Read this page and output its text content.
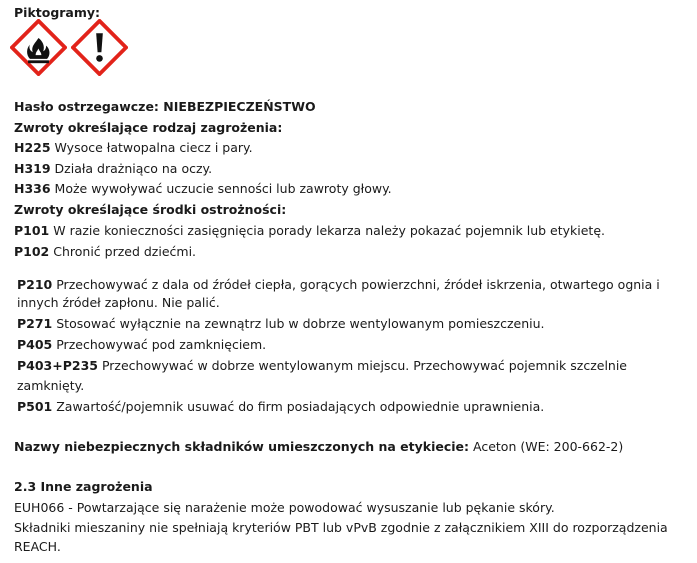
Piktogramy:
Hasło ostrzegawcze: NIEBEZPIECZEŃSTWO
Zwroty określające rodzaj zagrożenia:
H225 Wysoce łatwopalna ciecz i pary.
H319 Działa drażniąco na oczy.
H336 Może wywoływać uczucie senności lub zawroty głowy.
Zwroty określające środki ostrożności:
P101 W razie konieczności zasięgnięcia porady lekarza należy pokazać pojemnik lub etykietę.
P102 Chronić przed dziećmi.
P210 Przechowywać z dala od źródeł ciepła, gorących powierzchni, źródeł iskrzenia, otwartego ognia i
innych źródeł zapłonu. Nie palić.
P271 Stosować wyłącznie na zewnątrz lub w dobrze wentylowanym pomieszczeniu.
P405 Przechowywać pod zamknięciem.
P403+P235 Przechowywać w dobrze wentylowanym miejscu. Przechowywać pojemnik szczelnie
zamknięty.
P501 Zawartość/pojemnik usuwać do firm posiadających odpowiednie uprawnienia.
Nazwy niebezpiecznych składników umieszczonych na etykiecie: Aceton (WE: 200-662-2)
2.3 Inne zagrożenia
EUH066 - Powtarzające się narażenie może powodować wysuszanie lub pękanie skóry.
Składniki mieszaniny nie spełniają kryteriów PBT lub vPvB zgodnie z załącznikiem XIII do rozporządzenia
REACH.
